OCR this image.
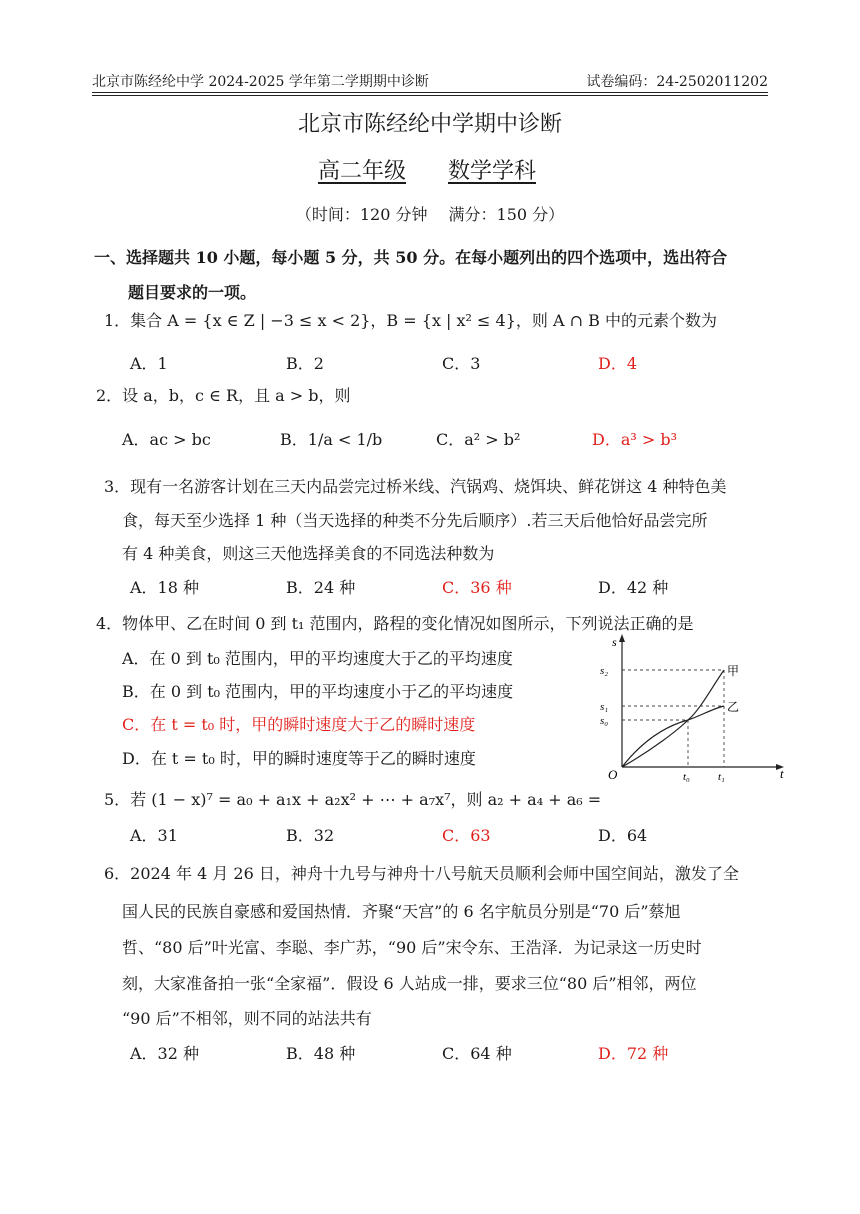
北京市陈经纶中学 2024-2025 学年第二学期期中诊断	试卷编码：24-2502011202
北京市陈经纶中学期中诊断
高二年级 数学学科
（时间：120 分钟　 满分：150 分）
一、选择题共 10 小题，每小题 5 分，共 50 分。在每小题列出的四个选项中，选出符合
题目要求的一项。
1．集合 A = {x ∈ Z | −3 ≤ x < 2}，B = {x | x² ≤ 4}，则 A ∩ B 中的元素个数为
A．1	B．2	C．3	D．4
2．设 a，b，c ∈ R，且 a > b，则
A．ac > bc	B．1/a < 1/b	C．a² > b²	D．a³ > b³
3．现有一名游客计划在三天内品尝完过桥米线、汽锅鸡、烧饵块、鲜花饼这 4 种特色美
食，每天至少选择 1 种（当天选择的种类不分先后顺序）.若三天后他恰好品尝完所
有 4 种美食，则这三天他选择美食的不同选法种数为
A．18 种	B．24 种	C．36 种	D．42 种
4．物体甲、乙在时间 0 到 t₁ 范围内，路程的变化情况如图所示，下列说法正确的是
A．在 0 到 t₀ 范围内，甲的平均速度大于乙的平均速度
B．在 0 到 t₀ 范围内，甲的平均速度小于乙的平均速度
C．在 t = t₀ 时，甲的瞬时速度大于乙的瞬时速度
D．在 t = t₀ 时，甲的瞬时速度等于乙的瞬时速度
s
t
O
s₂
s₁
s₀
t₀	t₁
甲
乙
5．若 (1 − x)⁷ = a₀ + a₁x + a₂x² + ⋯ + a₇x⁷，则 a₂ + a₄ + a₆ =
A．31	B．32	C．63	D．64
6．2024 年 4 月 26 日，神舟十九号与神舟十八号航天员顺利会师中国空间站，激发了全
国人民的民族自豪感和爱国热情．齐聚“天宫”的 6 名宇航员分别是“70 后”蔡旭
哲、“80 后”叶光富、李聪、李广苏，“90 后”宋令东、王浩泽．为记录这一历史时
刻，大家准备拍一张“全家福”．假设 6 人站成一排，要求三位“80 后”相邻，两位
“90 后”不相邻，则不同的站法共有
A．32 种	B．48 种	C．64 种	D．72 种
